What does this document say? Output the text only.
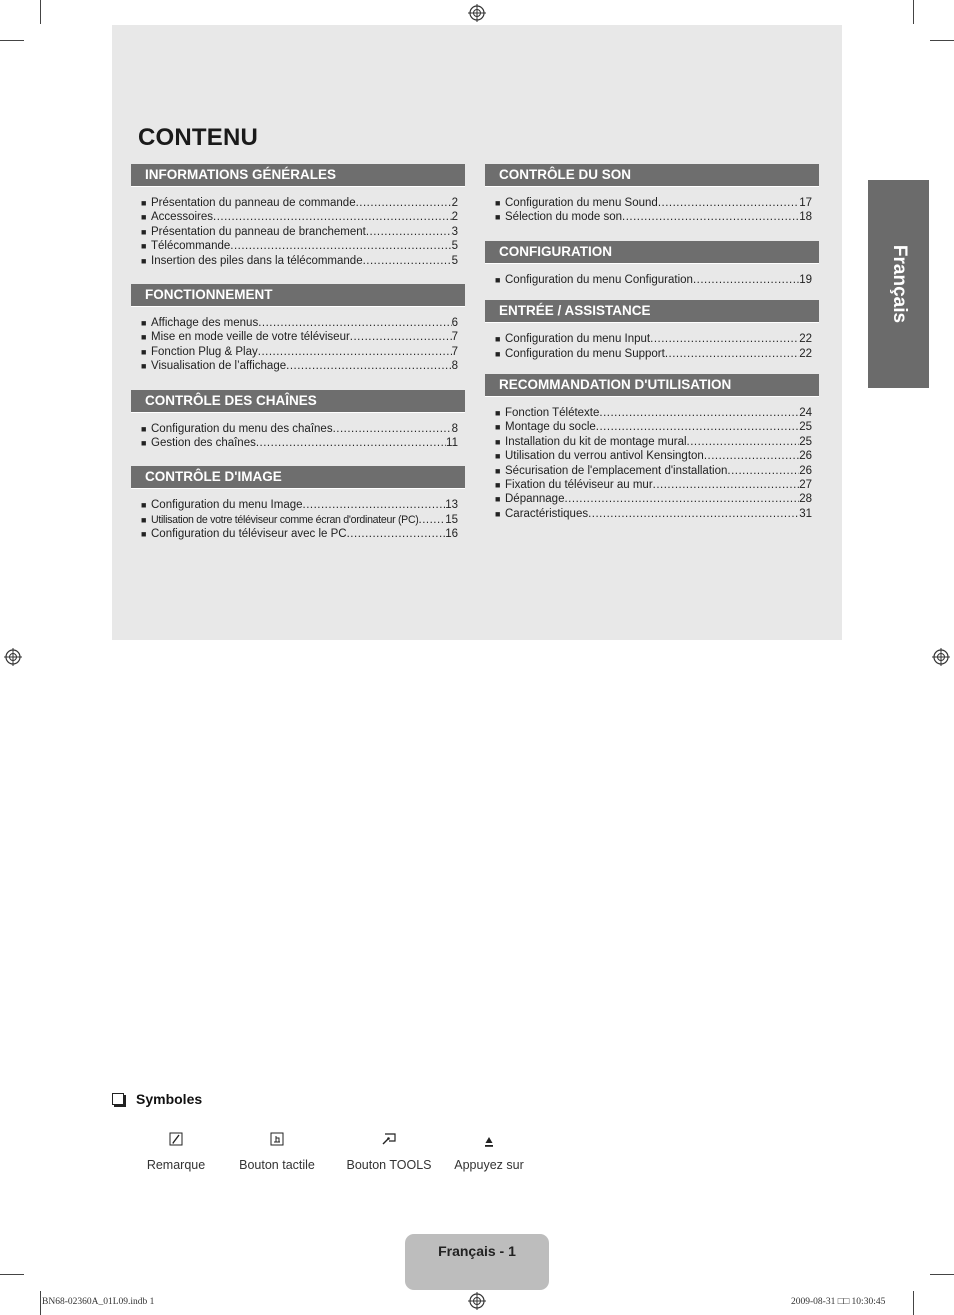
CONTENU
INFORMATIONS GÉNÉRALES
■ Présentation du panneau de commande .....	2
■ Accessoires .....	2
■ Présentation du panneau de branchement .....	3
■ Télécommande .....	5
■ Insertion des piles dans la télécommande .....	5
FONCTIONNEMENT
■ Affichage des menus .....	6
■ Mise en mode veille de votre téléviseur .....	7
■ Fonction Plug & Play .....	7
■ Visualisation de l’affichage .....	8
CONTRÔLE DES CHAÎNES
■ Configuration du menu des chaînes .....	8
■ Gestion des chaînes .....	11
CONTRÔLE D'IMAGE
■ Configuration du menu Image .....	13
■ Utilisation de votre téléviseur comme écran d'ordinateur (PC) ..... 15
■ Configuration du téléviseur avec le PC .....	16
CONTRÔLE DU SON
■ Configuration du menu Sound .....	17
■ Sélection du mode son .....	18
CONFIGURATION
■ Configuration du menu Configuration .....	19
ENTRÉE / ASSISTANCE
■ Configuration du menu Input .....	22
■ Configuration du menu Support .....	22
RECOMMANDATION D'UTILISATION
■ Fonction Télétexte .....	24
■ Montage du socle .....	25
■ Installation du kit de montage mural .....	25
■ Utilisation du verrou antivol Kensington .....	26
■ Sécurisation de l'emplacement d'installation .....	26
■ Fixation du téléviseur au mur .....	27
■ Dépannage .....	28
■ Caractéristiques .....	31
Français
Symboles
Remarque	Bouton tactile	Bouton TOOLS Appuyez sur
Français - 1
BN68-02360A_01L09.indb 1	2009-08-31 □□ 10:30:45
